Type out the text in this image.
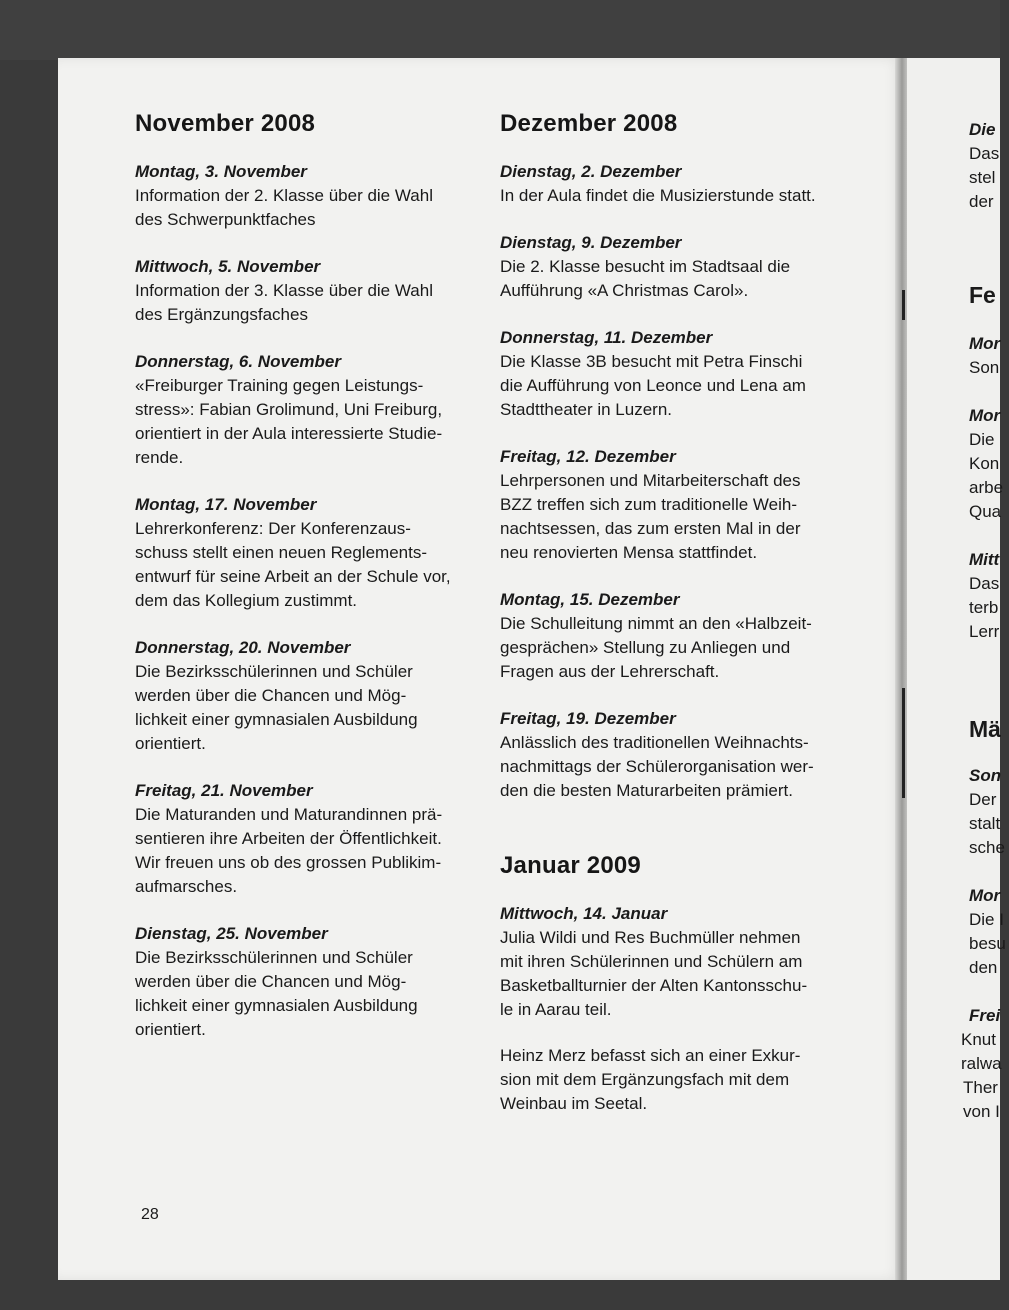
November 2008

Montag, 3. November

Information der 2. Klasse über die Wahl
des Schwerpunktfaches

Mittwoch, 5. November

Information der 3. Klasse über die Wahl
des Ergänzungsfaches

Donnerstag, 6. November

«Freiburger Training gegen Leistungs-
stress»: Fabian Grolimund, Uni Freiburg,
orientiert in der Aula interessierte Studie-
rende.

Montag, 17. November

Lehrerkonferenz: Der Konferenzaus-
schuss stellt einen neuen Reglements-
entwurf für seine Arbeit an der Schule vor,
dem das Kollegium zustimmt.

Donnerstag, 20. November

Die Bezirksschülerinnen und Schüler
werden über die Chancen und Mög-
lichkeit einer gymnasialen Ausbildung
orientiert.

Freitag, 21. November

Die Maturanden und Maturandinnen prä-
sentieren ihre Arbeiten der Öffentlichkeit.
Wir freuen uns ob des grossen Publikim-
aufmarsches.

Dienstag, 25. November

Die Bezirksschülerinnen und Schüler
werden über die Chancen und Mög-
lichkeit einer gymnasialen Ausbildung
orientiert.

Dezember 2008

Dienstag, 2. Dezember

In der Aula findet die Musizierstunde statt.

Dienstag, 9. Dezember

Die 2. Klasse besucht im Stadtsaal die
Aufführung «A Christmas Carol».

Donnerstag, 11. Dezember

Die Klasse 3B besucht mit Petra Finschi
die Aufführung von Leonce und Lena am
Stadttheater in Luzern.

Freitag, 12. Dezember

Lehrpersonen und Mitarbeiterschaft des
BZZ treffen sich zum traditionelle Weih-
nachtsessen, das zum ersten Mal in der
neu renovierten Mensa stattfindet.

Montag, 15. Dezember

Die Schulleitung nimmt an den «Halbzeit-
gesprächen» Stellung zu Anliegen und
Fragen aus der Lehrerschaft.

Freitag, 19. Dezember

Anlässlich des traditionellen Weihnachts-
nachmittags der Schülerorganisation wer-
den die besten Maturarbeiten prämiert.

Januar 2009

Mittwoch, 14. Januar

Julia Wildi und Res Buchmüller nehmen
mit ihren Schülerinnen und Schülern am
Basketballturnier der Alten Kantonsschu-
le in Aarau teil.

Heinz Merz befasst sich an einer Exkur-
sion mit dem Ergänzungsfach mit dem
Weinbau im Seetal.

28
Die
Das
stel
der
Fe
Mor
Son
Mor
Die
Kon
arbe
Qua
Mitt
Das
terb
Lerr
Mä
Son
Der
stalt
sche
Mor
Die I
besu
den
Frei
Knut
ralwa
Ther
von I
